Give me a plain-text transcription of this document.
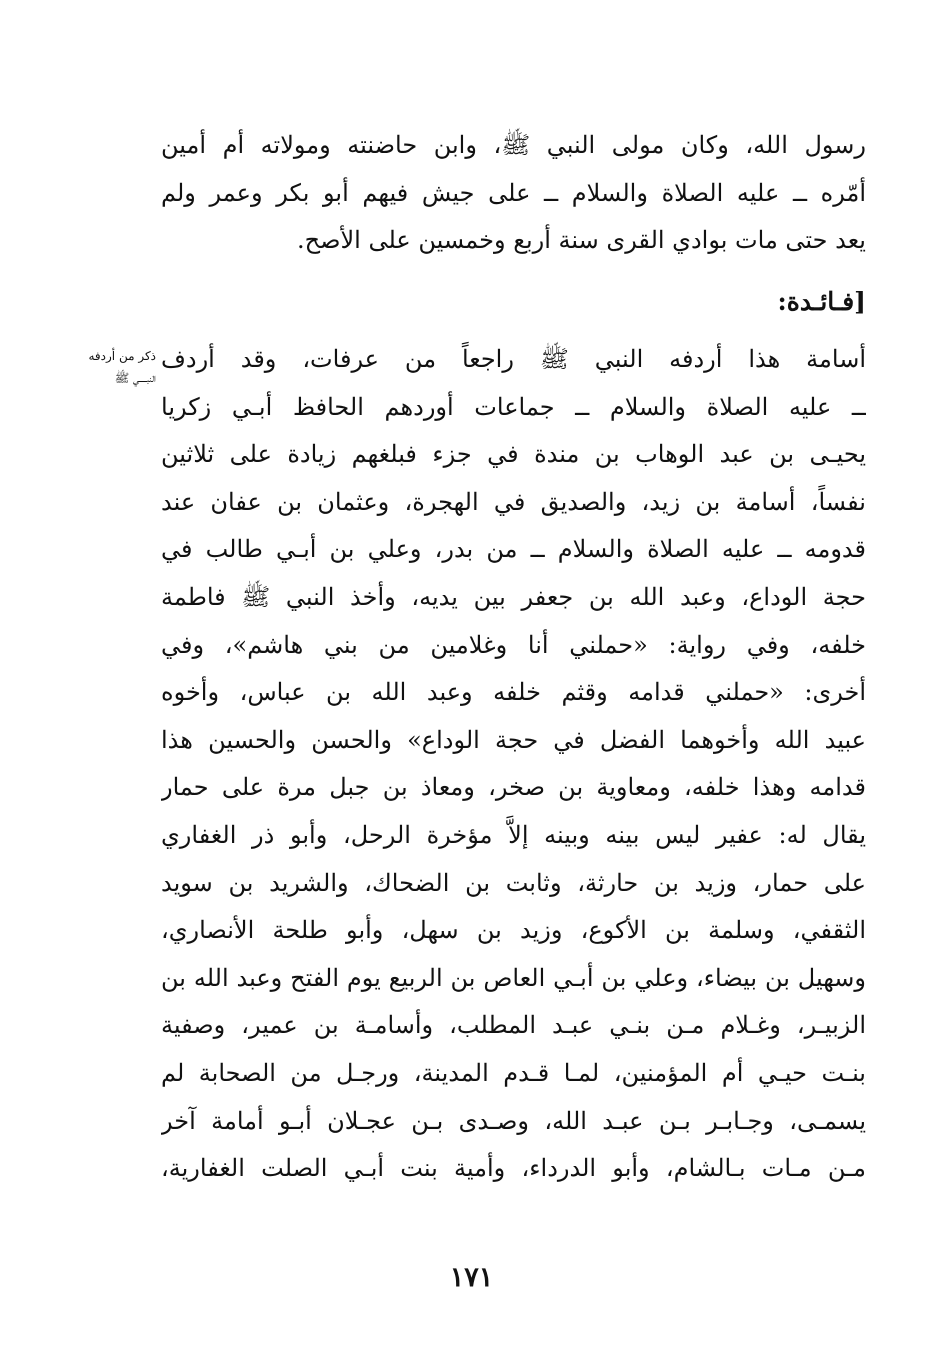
رسول الله، وكان مولى النبي ﷺ، وابن حاضنته ومولاته أم أمين
أمّره ــ عليه الصلاة والسلام ــ على جيش فيهم أبو بكر وعمر ولم
يعد حتى مات بوادي القرى سنة أربع وخمسين على الأصح.
[فـائـدة:
ذكر من أردفه
النبـــــي ﷺ
أسامة هذا أردفه النبي ﷺ راجعاً من عرفات، وقد أردف
ــ عليه الصلاة والسلام ــ جماعات أوردهم الحافظ أبـي زكريا
يحيـى بن عبد الوهاب بن مندة في جزء فبلغهم زيادة على ثلاثين
نفساً، أسامة بن زيد، والصديق في الهجرة، وعثمان بن عفان عند
قدومه ــ عليه الصلاة والسلام ــ من بدر، وعلي بن أبـي طالب في
حجة الوداع، وعبد الله بن جعفر بين يديه، وأخذ النبي ﷺ فاطمة
خلفه، وفي رواية: «حملني أنا وغلامين من بني هاشم»، وفي
أخرى: «حملني قدامه وقثم خلفه وعبد الله بن عباس، وأخوه
عبيد الله وأخوهما الفضل في حجة الوداع» والحسن والحسين هذا
قدامه وهذا خلفه، ومعاوية بن صخر، ومعاذ بن جبل مرة على حمار
يقال له: عفير ليس بينه وبينه إلاَّ مؤخرة الرحل، وأبو ذر الغفاري
على حمار، وزيد بن حارثة، وثابت بن الضحاك، والشريد بن سويد
الثقفي، وسلمة بن الأكوع، وزيد بن سهل، وأبو طلحة الأنصاري،
وسهيل بن بيضاء، وعلي بن أبـي العاص بن الربيع يوم الفتح وعبد الله بن
الزبيـر، وغـلام مـن بنـي عبـد المطلب، وأسامـة بن عمير، وصفية
بنـت حيـي أم المؤمنين، لمـا قـدم المدينة، ورجـل من الصحابة لم
يسمـى، وجـابـر بـن عبـد الله، وصـدى بـن عجـلان أبـو أمامة آخر
مـن مـات بـالشام، وأبو الدرداء، وأمية بنت أبـي الصلت الغفارية،
١٧١
